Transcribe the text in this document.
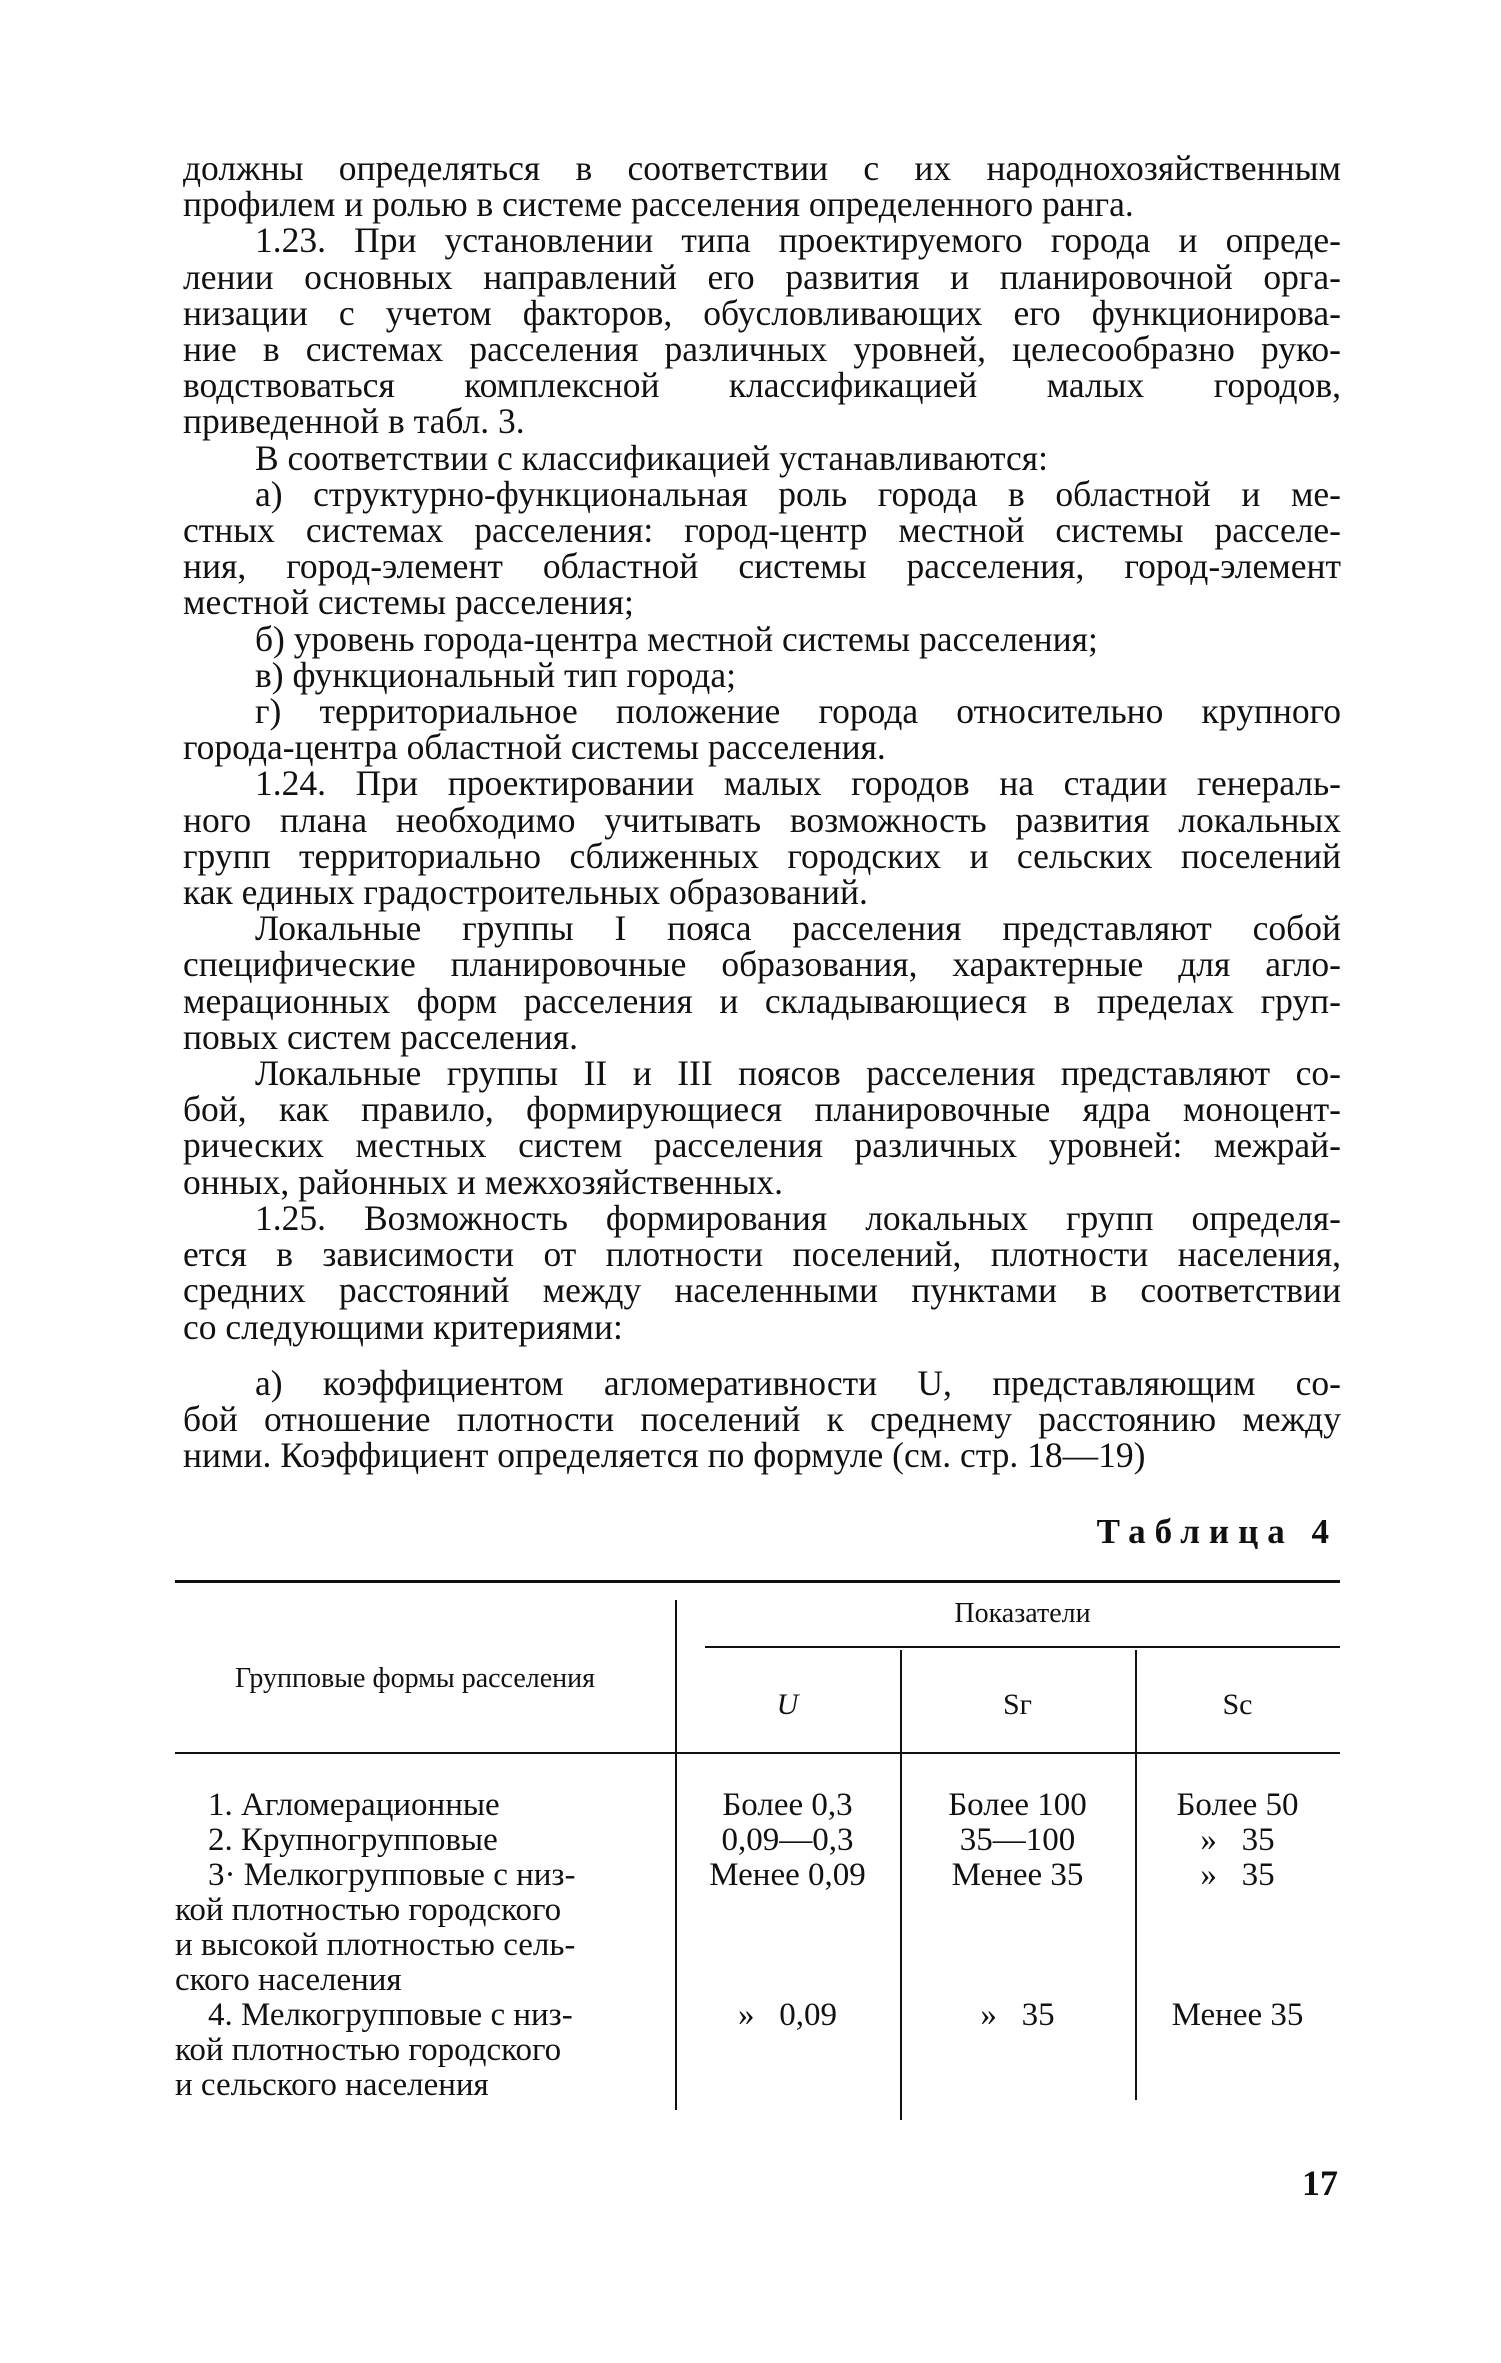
должны определяться в соответствии с их народнохозяйственным
профилем и ролью в системе расселения определенного ранга.
1.23. При установлении типа проектируемого города и опреде-
лении основных направлений его развития и планировочной орга-
низации с учетом факторов, обусловливающих его функционирова-
ние в системах расселения различных уровней, целесообразно руко-
водствоваться комплексной классификацией малых городов,
приведенной в табл. 3.
В соответствии с классификацией устанавливаются:
а) структурно-функциональная роль города в областной и ме-
стных системах расселения: город-центр местной системы расселе-
ния, город-элемент областной системы расселения, город-элемент
местной системы расселения;
б) уровень города-центра местной системы расселения;
в) функциональный тип города;
г) территориальное положение города относительно крупного
города-центра областной системы расселения.
1.24. При проектировании малых городов на стадии генераль-
ного плана необходимо учитывать возможность развития локальных
групп территориально сближенных городских и сельских поселений
как единых градостроительных образований.
Локальные группы I пояса расселения представляют собой
специфические планировочные образования, характерные для агло-
мерационных форм расселения и складывающиеся в пределах груп-
повых систем расселения.
Локальные группы II и III поясов расселения представляют со-
бой, как правило, формирующиеся планировочные ядра моноцент-
рических местных систем расселения различных уровней: межрай-
онных, районных и межхозяйственных.
1.25. Возможность формирования локальных групп определя-
ется в зависимости от плотности поселений, плотности населения,
средних расстояний между населенными пунктами в соответствии
со следующими критериями:
а) коэффициентом агломеративности U, представляющим со-
бой отношение плотности поселений к среднему расстоянию между
ними. Коэффициент определяется по формуле (см. стр. 18—19)
Таблица 4
Групповые формы расселения
Показатели
U	Sг	Sс
1. Агломерационные	Более 0,3	Более 100	Более 50
2. Крупногрупповые	0,09—0,3	35—100	»   35
3· Мелкогрупповые с низ-
кой плотностью городского
и высокой плотностью сель-
ского населения
Менее 0,09	Менее 35	»   35
4. Мелкогрупповые с низ-
кой плотностью городского
и сельского населения
»   0,09	»   35	Менее 35
17
